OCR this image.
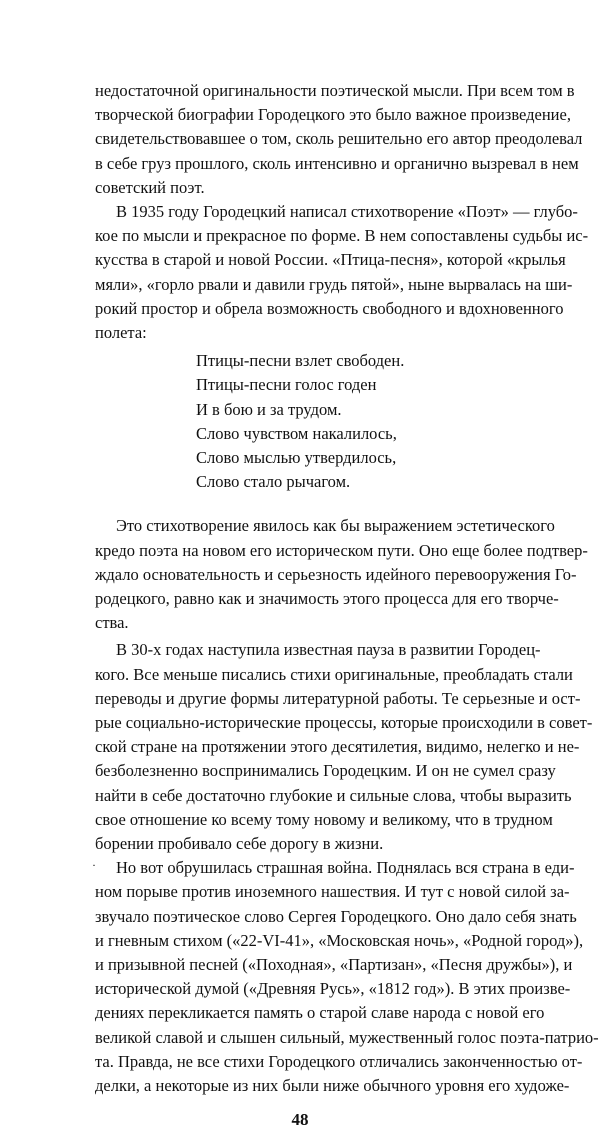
недостаточной оригинальности поэтической мысли. При всем том в
творческой биографии Городецкого это было важное произведение,
свидетельствовавшее о том, сколь решительно его автор преодолевал
в себе груз прошлого, сколь интенсивно и органично вызревал в нем
советский поэт.
В 1935 году Городецкий написал стихотворение «Поэт» — глубо-
кое по мысли и прекрасное по форме. В нем сопоставлены судьбы ис-
кусства в старой и новой России. «Птица-песня», которой «крылья
мяли», «горло рвали и давили грудь пятой», ныне вырвалась на ши-
рокий простор и обрела возможность свободного и вдохновенного
полета:
Птицы-песни взлет свободен.
Птицы-песни голос годен
И в бою и за трудом.
Слово чувством накалилось,
Слово мыслью утвердилось,
Слово стало рычагом.
Это стихотворение явилось как бы выражением эстетического
кредо поэта на новом его историческом пути. Оно еще более подтвер-
ждало основательность и серьезность идейного перевооружения Го-
родецкого, равно как и значимость этого процесса для его творче-
ства.
В 30-х годах наступила известная пауза в развитии Городец-
кого. Все меньше писались стихи оригинальные, преобладать стали
переводы и другие формы литературной работы. Те серьезные и ост-
рые социально-исторические процессы, которые происходили в совет-
ской стране на протяжении этого десятилетия, видимо, нелегко и не-
безболезненно воспринимались Городецким. И он не сумел сразу
найти в себе достаточно глубокие и сильные слова, чтобы выразить
свое отношение ко всему тому новому и великому, что в трудном
борении пробивало себе дорогу в жизни.
· Но вот обрушилась страшная война. Поднялась вся страна в еди-
ном порыве против иноземного нашествия. И тут с новой силой за-
звучало поэтическое слово Сергея Городецкого. Оно дало себя знать
и гневным стихом («22-VI-41», «Московская ночь», «Родной город»),
и призывной песней («Походная», «Партизан», «Песня дружбы»), и
исторической думой («Древняя Русь», «1812 год»). В этих произве-
дениях перекликается память о старой славе народа с новой его
великой славой и слышен сильный, мужественный голос поэта-патрио-
та. Правда, не все стихи Городецкого отличались законченностью от-
делки, а некоторые из них были ниже обычного уровня его художе-
48
